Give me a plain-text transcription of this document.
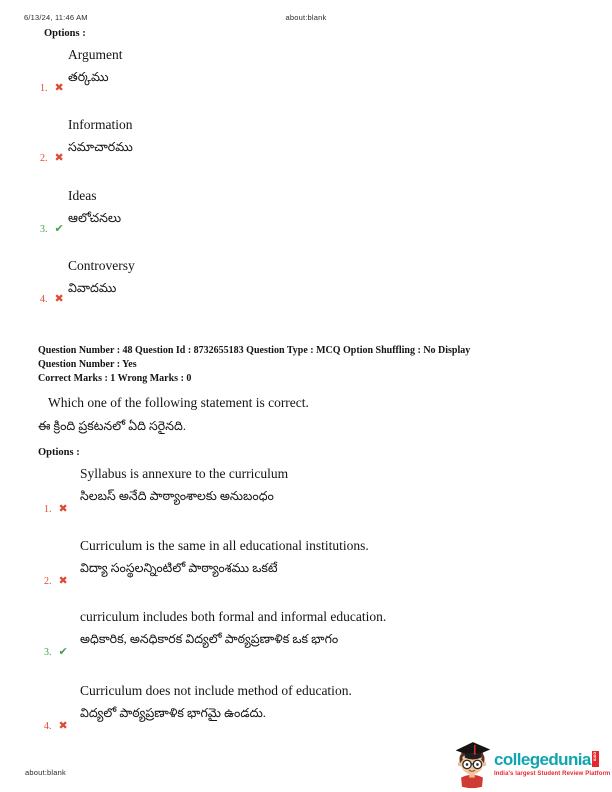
6/13/24, 11:46 AM	about:blank
Options :
1. ✖
Argument
తర్కము
2. ✖
Information
సమాచారము
3. ✔
Ideas
ఆలోచనలు
4. ✖
Controversy
వివాదము
Question Number : 48 Question Id : 8732655183 Question Type : MCQ Option Shuffling : No Display
Question Number : Yes
Correct Marks : 1 Wrong Marks : 0
Which one of the following statement is correct.
ఈ క్రింది ప్రకటనలో ఏది సరైనది.
Options :
1. ✖
Syllabus is annexure to the curriculum
సిలబస్ అనేది పాఠ్యాంశాలకు అనుబంధం
2. ✖
Curriculum is the same in all educational institutions.
విద్యా సంస్థలన్నింటిలో పాఠ్యాంశము ఒకటే
3. ✔
curriculum includes both formal and informal education.
అధికారిక, అనధికారక విద్యలో పాఠ్యప్రణాళిక ఒక భాగం
4. ✖
Curriculum does not include method of education.
విద్యలో పాఠ్యప్రణాళిక భాగమై ఉండదు.
collegedunia com
India's largest Student Review Platform
about:blank
